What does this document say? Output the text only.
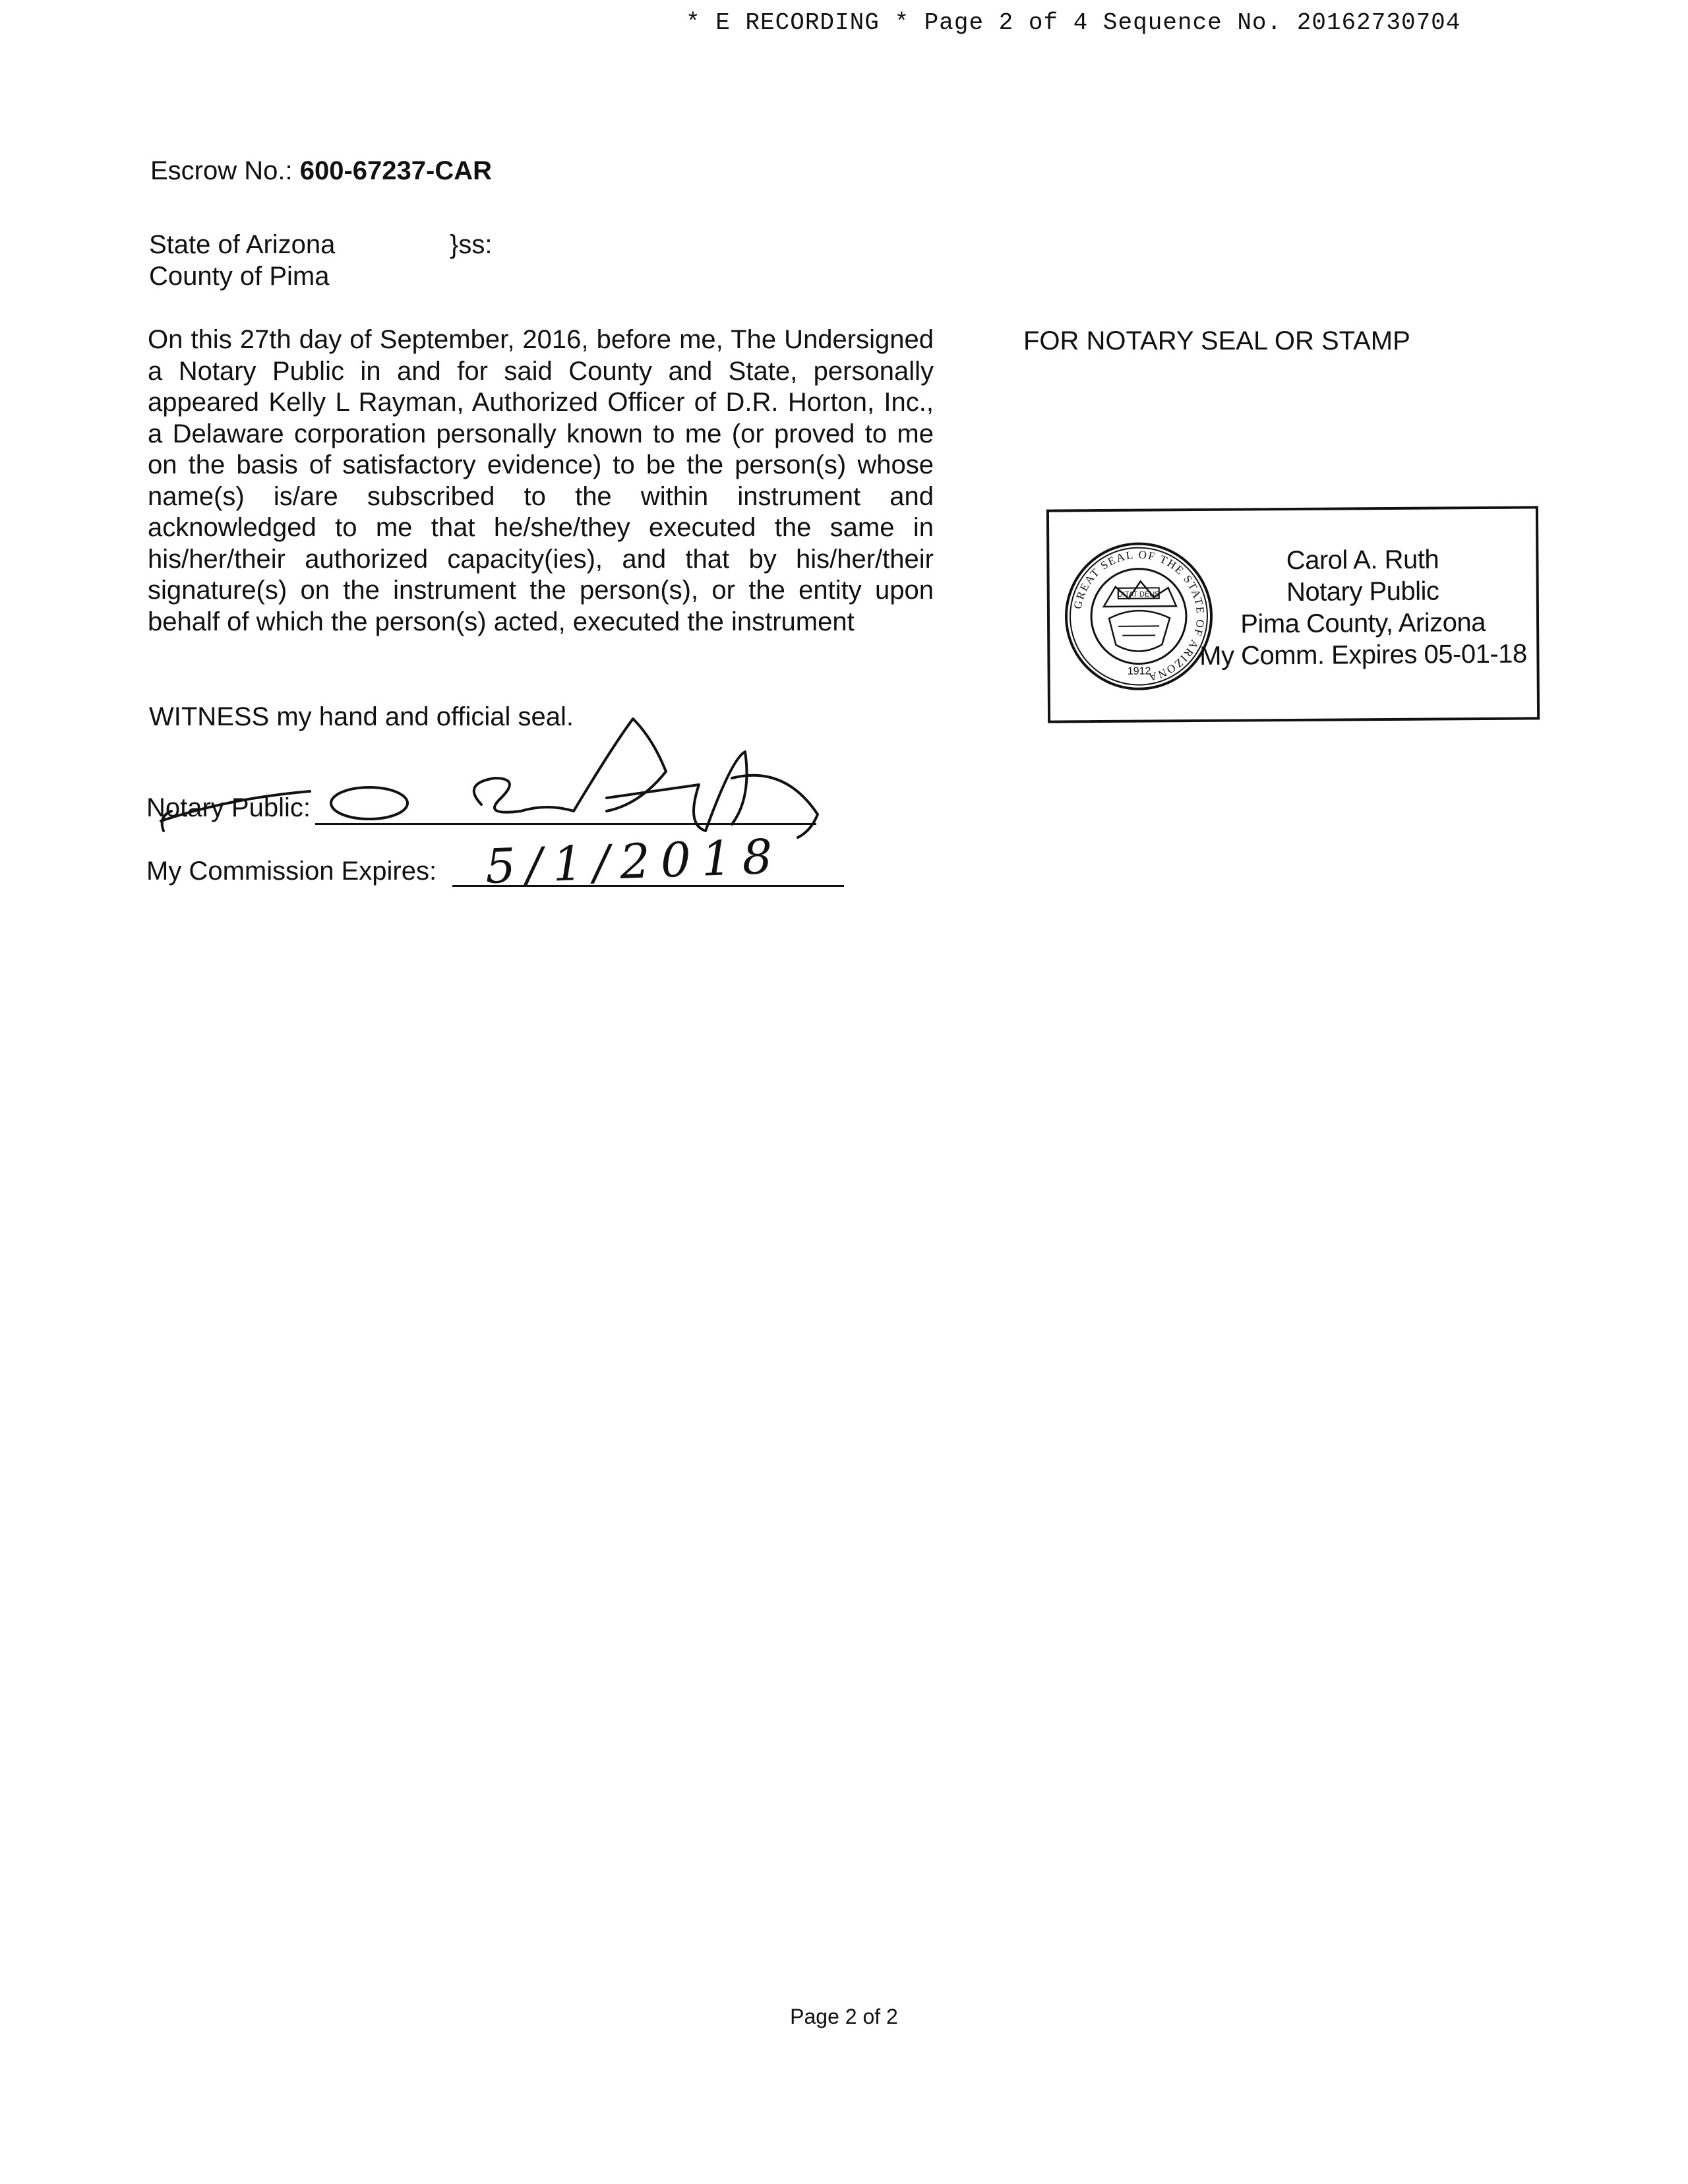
* E RECORDING * Page 2 of 4 Sequence No. 20162730704
Escrow No.: 600-67237-CAR
State of Arizona	}ss:
County of Pima
On this 27th day of September, 2016, before me, The Undersigned a Notary Public in and for said County and State, personally appeared Kelly L Rayman, Authorized Officer of D.R. Horton, Inc., a Delaware corporation personally known to me (or proved to me on the basis of satisfactory evidence) to be the person(s) whose name(s) is/are subscribed to the within instrument and acknowledged to me that he/she/they executed the same in his/her/their authorized capacity(ies), and that by his/her/their signature(s) on the instrument the person(s), or the entity upon behalf of which the person(s) acted, executed the instrument
FOR NOTARY SEAL OR STAMP
GREAT SEAL OF THE STATE OF ARIZONA
DITAT DEUS
1912
Carol A. Ruth
Notary Public
Pima County, Arizona
My Comm. Expires 05-01-18
WITNESS my hand and official seal.
Notary Public:
My Commission Expires: 5/1/2018
Page 2 of 2
